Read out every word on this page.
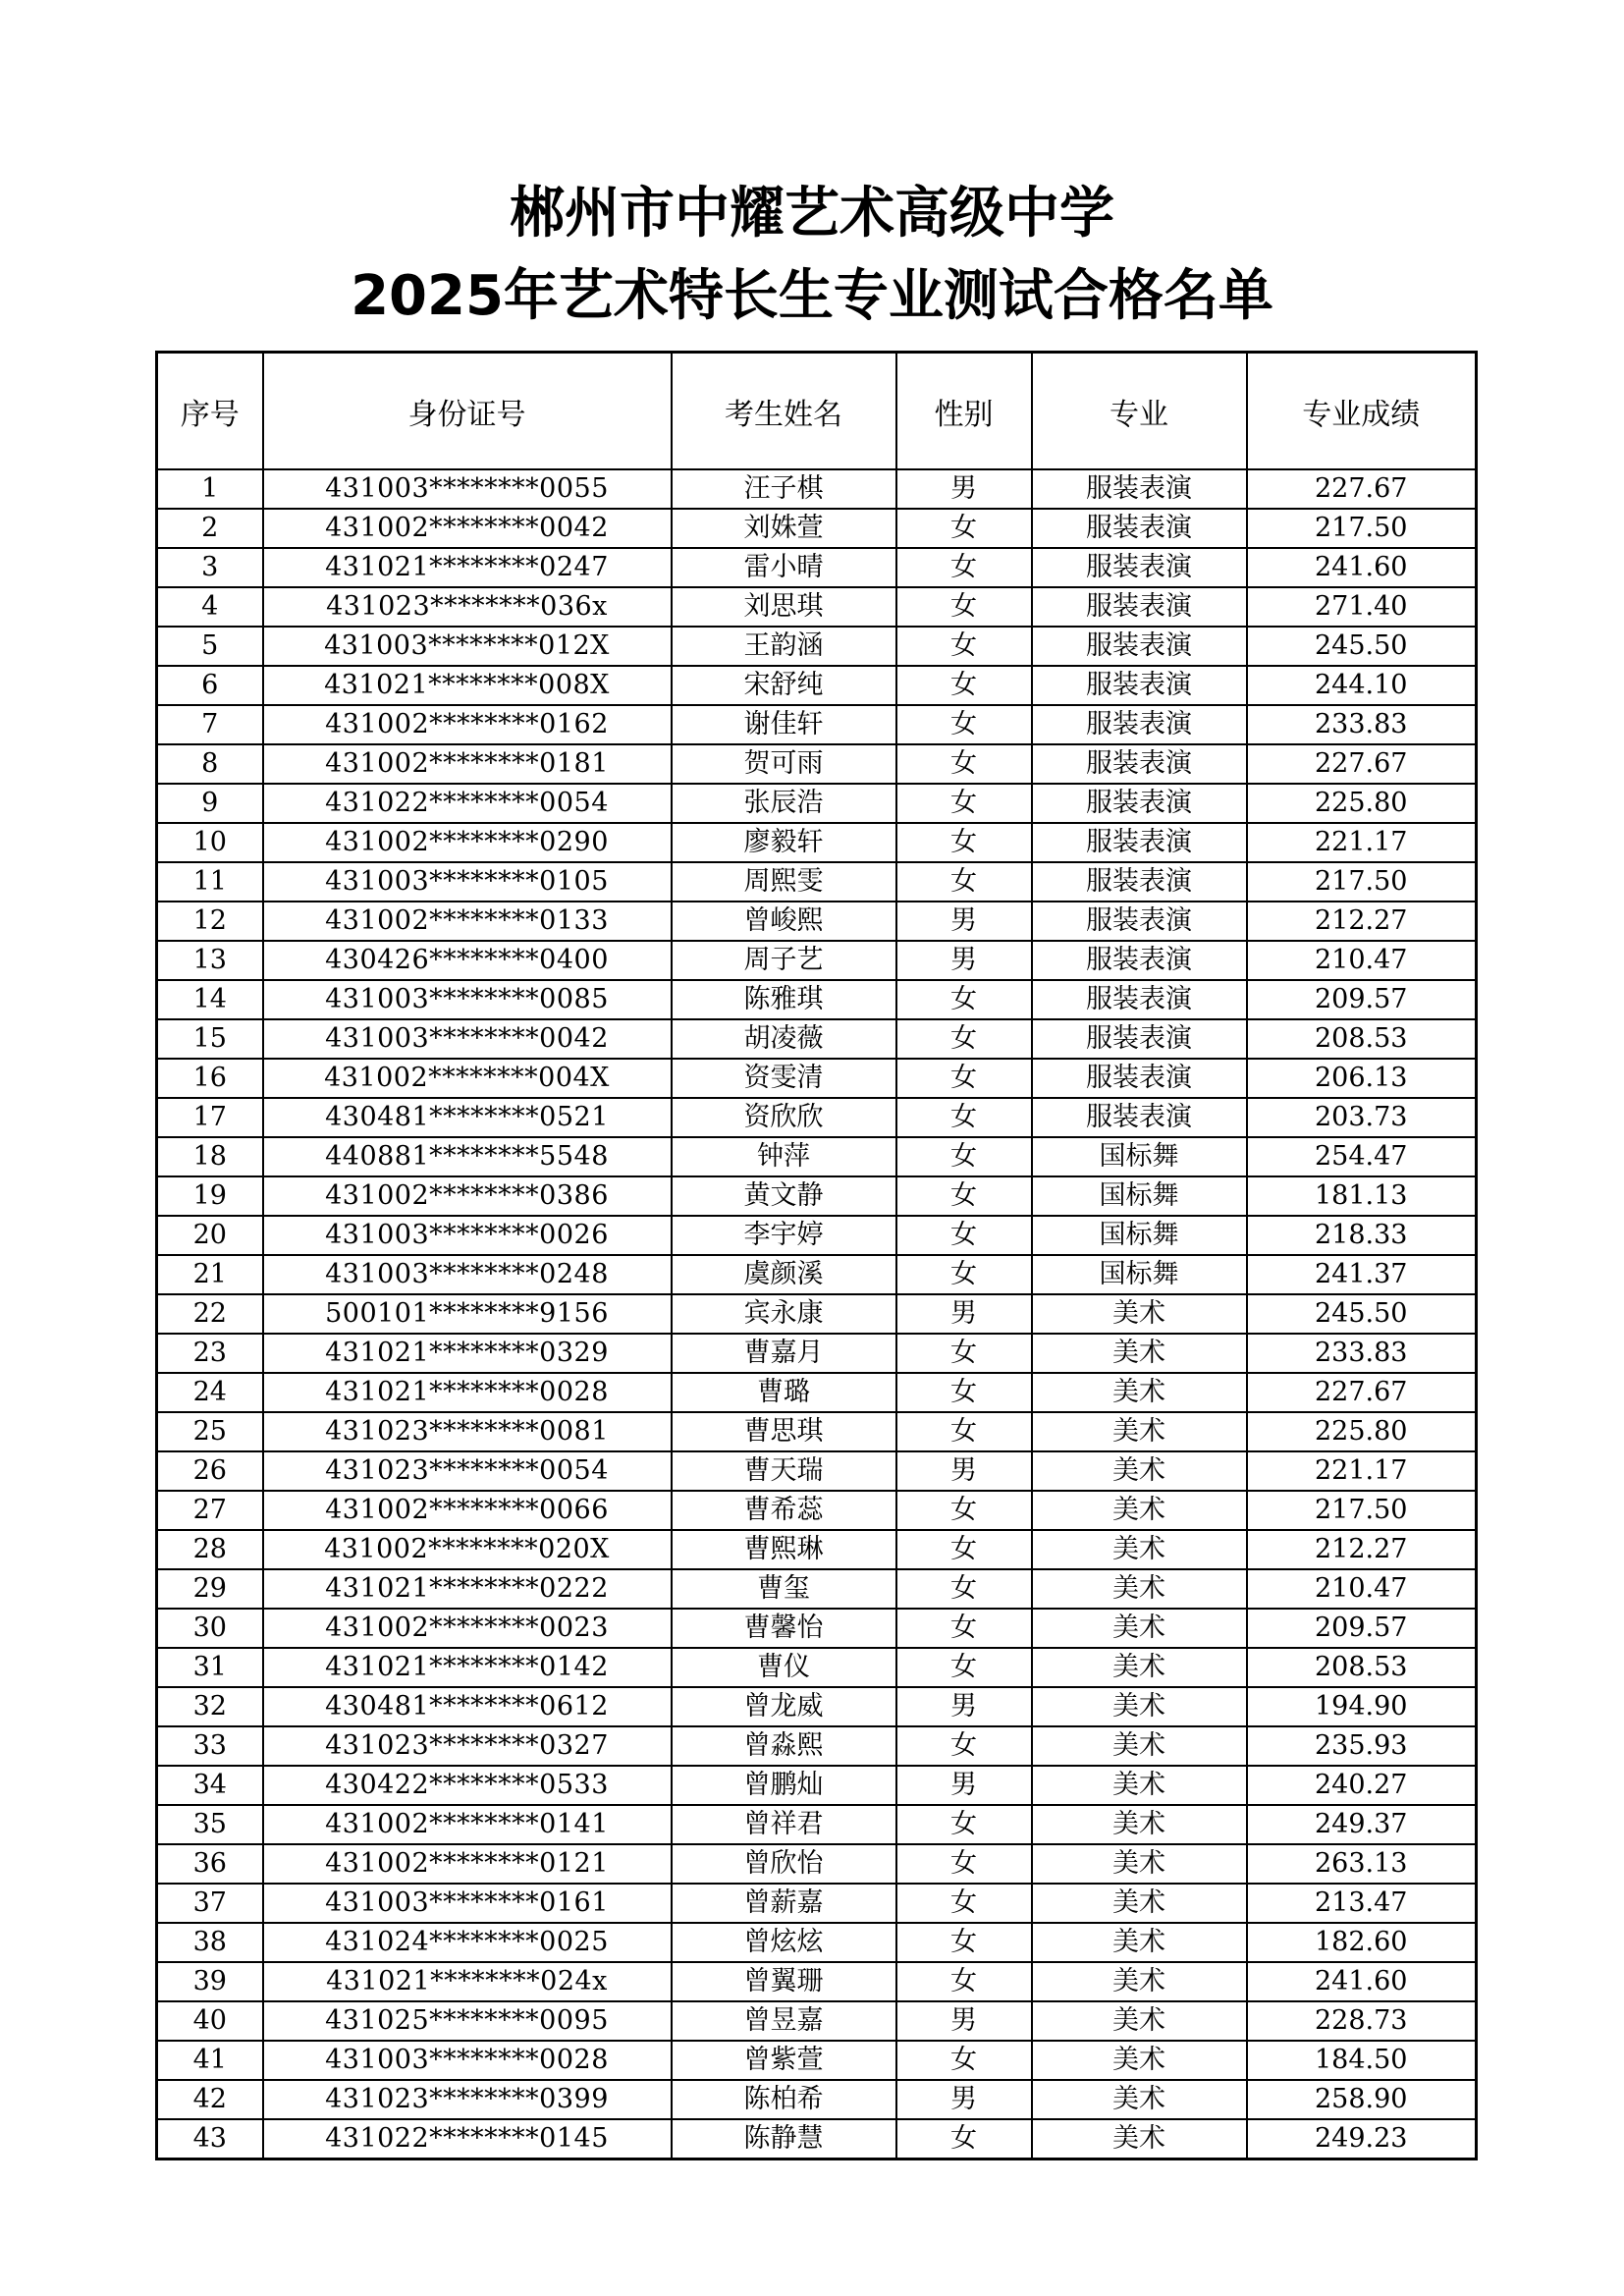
郴州市中耀艺术高级中学
2025年艺术特长生专业测试合格名单
序号	身份证号	考生姓名	性别	专业	专业成绩
1	431003********0055	汪子棋	男	服装表演	227.67
2	431002********0042	刘姝萱	女	服装表演	217.50
3	431021********0247	雷小晴	女	服装表演	241.60
4	431023********036x	刘思琪	女	服装表演	271.40
5	431003********012X	王韵涵	女	服装表演	245.50
6	431021********008X	宋舒纯	女	服装表演	244.10
7	431002********0162	谢佳轩	女	服装表演	233.83
8	431002********0181	贺可雨	女	服装表演	227.67
9	431022********0054	张辰浩	女	服装表演	225.80
10	431002********0290	廖毅轩	女	服装表演	221.17
11	431003********0105	周熙雯	女	服装表演	217.50
12	431002********0133	曾峻熙	男	服装表演	212.27
13	430426********0400	周子艺	男	服装表演	210.47
14	431003********0085	陈雅琪	女	服装表演	209.57
15	431003********0042	胡凌薇	女	服装表演	208.53
16	431002********004X	资雯清	女	服装表演	206.13
17	430481********0521	资欣欣	女	服装表演	203.73
18	440881********5548	钟萍	女	国标舞	254.47
19	431002********0386	黄文静	女	国标舞	181.13
20	431003********0026	李宇婷	女	国标舞	218.33
21	431003********0248	虞颜溪	女	国标舞	241.37
22	500101********9156	宾永康	男	美术	245.50
23	431021********0329	曹嘉月	女	美术	233.83
24	431021********0028	曹璐	女	美术	227.67
25	431023********0081	曹思琪	女	美术	225.80
26	431023********0054	曹天瑞	男	美术	221.17
27	431002********0066	曹希蕊	女	美术	217.50
28	431002********020X	曹熙琳	女	美术	212.27
29	431021********0222	曹玺	女	美术	210.47
30	431002********0023	曹馨怡	女	美术	209.57
31	431021********0142	曹仪	女	美术	208.53
32	430481********0612	曾龙威	男	美术	194.90
33	431023********0327	曾淼熙	女	美术	235.93
34	430422********0533	曾鹏灿	男	美术	240.27
35	431002********0141	曾祥君	女	美术	249.37
36	431002********0121	曾欣怡	女	美术	263.13
37	431003********0161	曾薪嘉	女	美术	213.47
38	431024********0025	曾炫炫	女	美术	182.60
39	431021********024x	曾翼珊	女	美术	241.60
40	431025********0095	曾昱嘉	男	美术	228.73
41	431003********0028	曾紫萱	女	美术	184.50
42	431023********0399	陈柏希	男	美术	258.90
43	431022********0145	陈静慧	女	美术	249.23
